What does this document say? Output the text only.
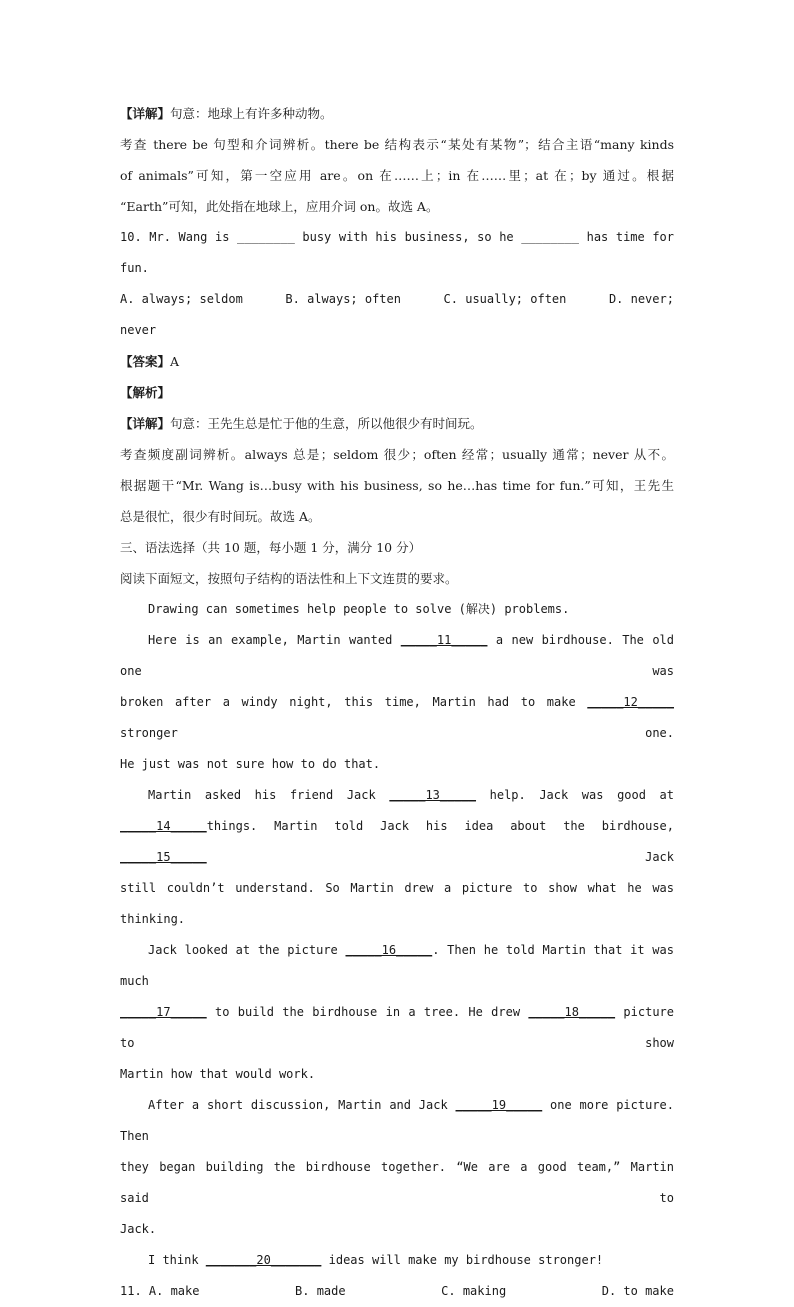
【详解】句意：地球上有许多种动物。

考查 there be 句型和介词辨析。there be 结构表示“某处有某物”；结合主语“many kinds

of animals”可知，第一空应用 are。on 在……上；in 在……里；at 在；by 通过。根据

“Earth”可知，此处指在地球上，应用介词 on。故选 A。

10. Mr. Wang is ________ busy with his business, so he ________ has time for fun.

A. always; seldom	B. always; often	C. usually; often	D. never;

never

【答案】A

【解析】

【详解】句意：王先生总是忙于他的生意，所以他很少有时间玩。

考查频度副词辨析。always 总是；seldom 很少；often 经常；usually 通常；never 从不。

根据题干“Mr. Wang is…busy with his business, so he…has time for fun.”可知，王先生

总是很忙，很少有时间玩。故选 A。

三、语法选择（共 10 题，每小题 1 分，满分 10 分）

阅读下面短文，按照句子结构的语法性和上下文连贯的要求。

Drawing can sometimes help people to solve (解决) problems.

Here is an example, Martin wanted _____11_____ a new birdhouse. The old one was

broken after a windy night, this time, Martin had to make _____12_____ stronger one.

He just was not sure how to do that.

Martin asked his friend Jack _____13_____ help. Jack was good at

_____14_____things. Martin told Jack his idea about the birdhouse, _____15_____ Jack

still couldn’t understand. So Martin drew a picture to show what he was thinking.

Jack looked at the picture _____16_____. Then he told Martin that it was much

_____17_____ to build the birdhouse in a tree. He drew _____18_____ picture to show

Martin how that would work.

After a short discussion, Martin and Jack _____19_____ one more picture. Then

they began building the birdhouse together. “We are a good team,” Martin said to

Jack.

I think _______20_______ ideas will make my birdhouse stronger!

11. A. make	B. made	C. making	D. to make
